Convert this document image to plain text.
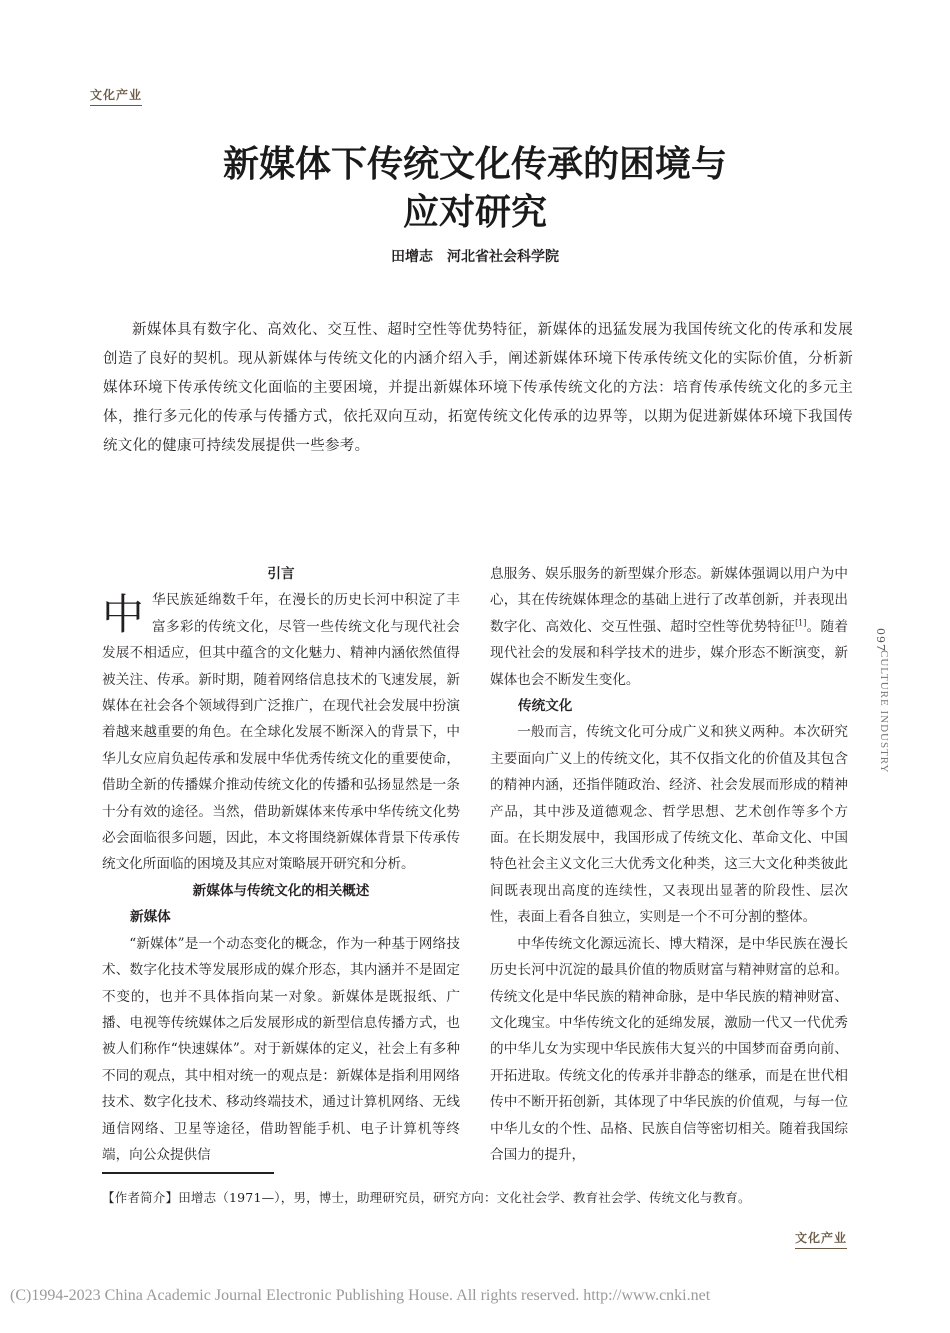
文化产业
新媒体下传统文化传承的困境与
应对研究
田增志 河北省社会科学院

新媒体具有数字化、高效化、交互性、超时空性等优势特征，新媒体的迅猛发展为我国传统文化的传承和发展创造了良好的契机。现从新媒体与传统文化的内涵介绍入手，阐述新媒体环境下传承传统文化的实际价值，分析新媒体环境下传承传统文化面临的主要困境，并提出新媒体环境下传承传统文化的方法：培育传承传统文化的多元主体，推行多元化的传承与传播方式，依托双向互动，拓宽传统文化传承的边界等，以期为促进新媒体环境下我国传统文化的健康可持续发展提供一些参考。

引言

中华民族延绵数千年，在漫长的历史长河中积淀了丰富多彩的传统文化，尽管一些传统文化与现代社会发展不相适应，但其中蕴含的文化魅力、精神内涵依然值得被关注、传承。新时期，随着网络信息技术的飞速发展，新媒体在社会各个领域得到广泛推广，在现代社会发展中扮演着越来越重要的角色。在全球化发展不断深入的背景下，中华儿女应肩负起传承和发展中华优秀传统文化的重要使命，借助全新的传播媒介推动传统文化的传播和弘扬显然是一条十分有效的途径。当然，借助新媒体来传承中华传统文化势必会面临很多问题，因此，本文将围绕新媒体背景下传承传统文化所面临的困境及其应对策略展开研究和分析。

新媒体与传统文化的相关概述
新媒体

“新媒体”是一个动态变化的概念，作为一种基于网络技术、数字化技术等发展形成的媒介形态，其内涵并不是固定不变的，也并不具体指向某一对象。新媒体是既报纸、广播、电视等传统媒体之后发展形成的新型信息传播方式，也被人们称作“快速媒体”。对于新媒体的定义，社会上有多种不同的观点，其中相对统一的观点是：新媒体是指利用网络技术、数字化技术、移动终端技术，通过计算机网络、无线通信网络、卫星等途径，借助智能手机、电子计算机等终端，向公众提供信

息服务、娱乐服务的新型媒介形态。新媒体强调以用户为中心，其在传统媒体理念的基础上进行了改革创新，并表现出数字化、高效化、交互性强、超时空性等优势特征[1]。随着现代社会的发展和科学技术的进步，媒介形态不断演变，新媒体也会不断发生变化。

传统文化

一般而言，传统文化可分成广义和狭义两种。本次研究主要面向广义上的传统文化，其不仅指文化的价值及其包含的精神内涵，还指伴随政治、经济、社会发展而形成的精神产品，其中涉及道德观念、哲学思想、艺术创作等多个方面。在长期发展中，我国形成了传统文化、革命文化、中国特色社会主义文化三大优秀文化种类，这三大文化种类彼此间既表现出高度的连续性，又表现出显著的阶段性、层次性，表面上看各自独立，实则是一个不可分割的整体。

中华传统文化源远流长、博大精深，是中华民族在漫长历史长河中沉淀的最具价值的物质财富与精神财富的总和。传统文化是中华民族的精神命脉，是中华民族的精神财富、文化瑰宝。中华传统文化的延绵发展，激励一代又一代优秀的中华儿女为实现中华民族伟大复兴的中国梦而奋勇向前、开拓进取。传统文化的传承并非静态的继承，而是在世代相传中不断开拓创新，其体现了中华民族的价值观，与每一位中华儿女的个性、品格、民族自信等密切相关。随着我国综合国力的提升，

097
CULTURE INDUSTRY
【作者简介】田增志（1971—），男，博士，助理研究员，研究方向：文化社会学、教育社会学、传统文化与教育。
文化产业
(C)1994-2023 China Academic Journal Electronic Publishing House. All rights reserved. http://www.cnki.net
